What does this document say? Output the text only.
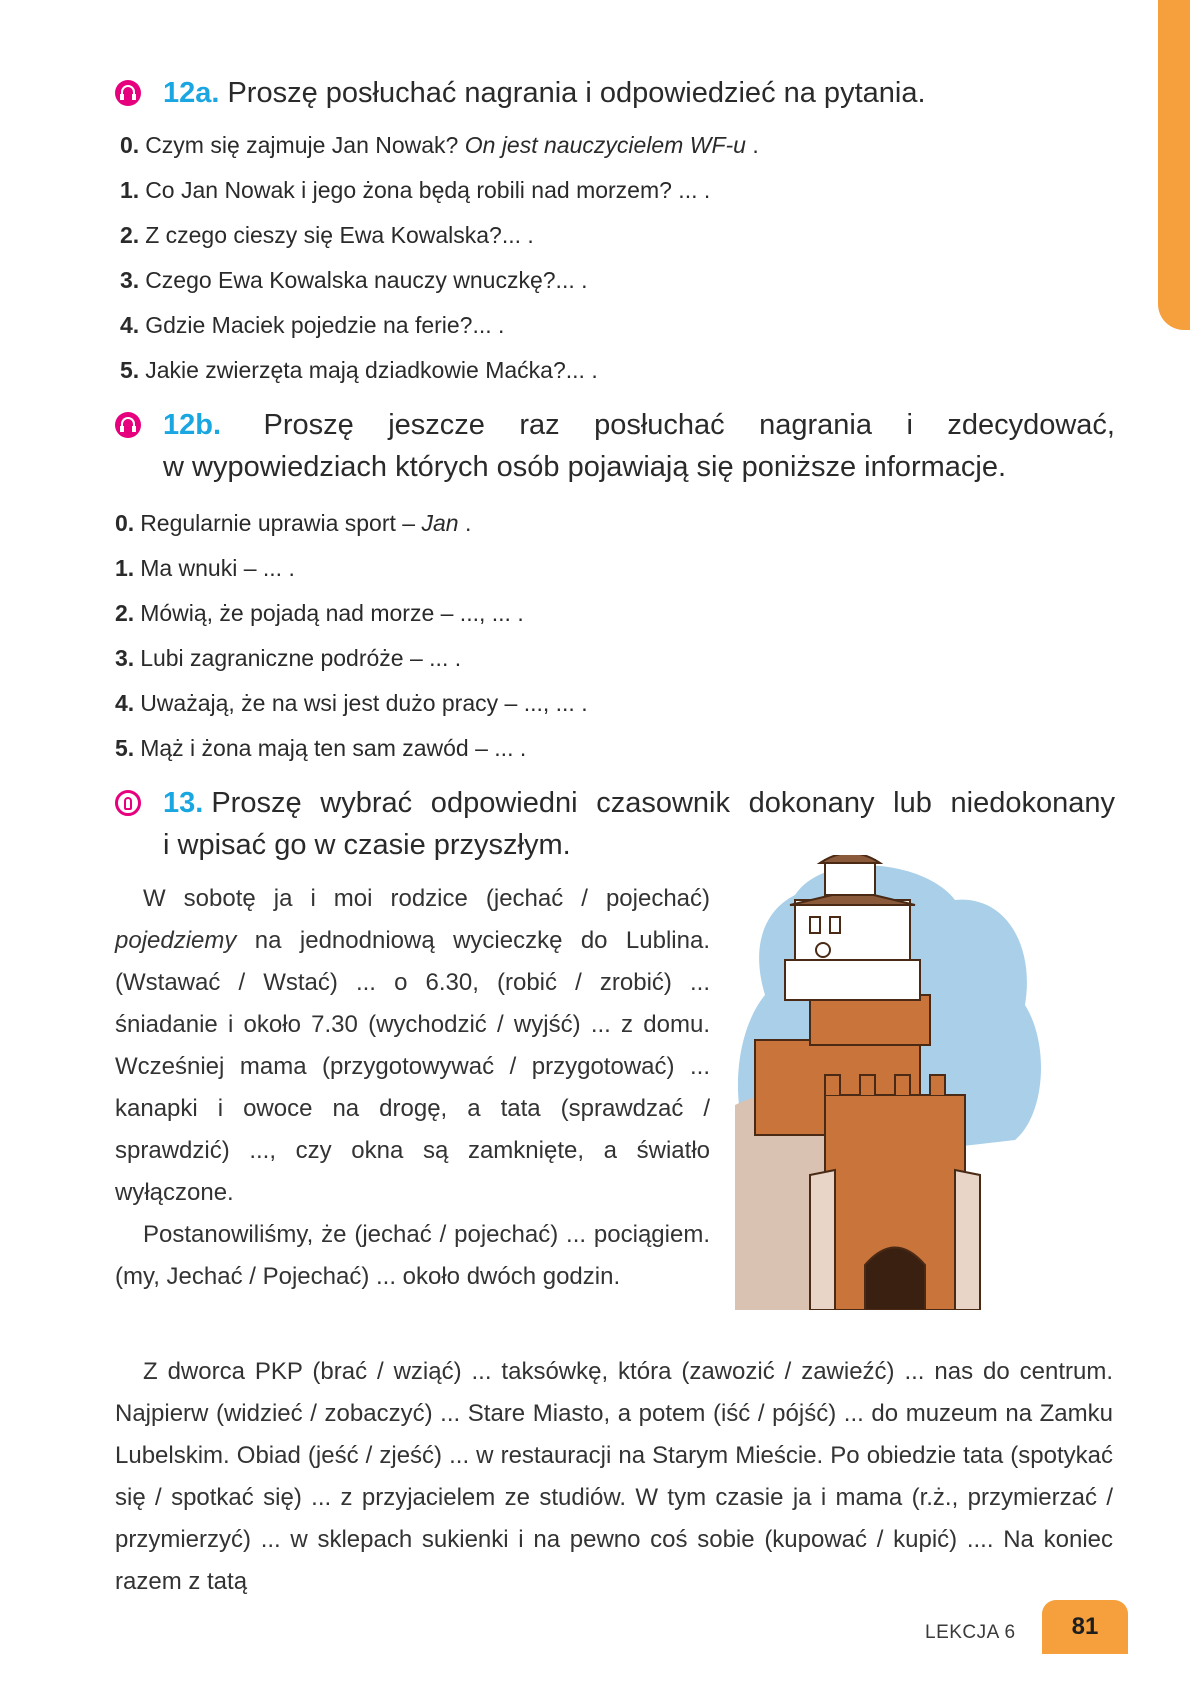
12a. Proszę posłuchać nagrania i odpowiedzieć na pytania.
0. Czym się zajmuje Jan Nowak? On jest nauczycielem WF-u .
1. Co Jan Nowak i jego żona będą robili nad morzem? ... .
2. Z czego cieszy się Ewa Kowalska?... .
3. Czego Ewa Kowalska nauczy wnuczkę?... .
4. Gdzie Maciek pojedzie na ferie?... .
5. Jakie zwierzęta mają dziadkowie Maćka?... .
12b. Proszę jeszcze raz posłuchać nagrania i zdecydować,
w wypowiedziach których osób pojawiają się poniższe informacje.
0. Regularnie uprawia sport – Jan .
1. Ma wnuki – ... .
2. Mówią, że pojadą nad morze – ..., ... .
3. Lubi zagraniczne podróże – ... .
4. Uważają, że na wsi jest dużo pracy – ..., ... .
5. Mąż i żona mają ten sam zawód – ... .
13. Proszę wybrać odpowiedni czasownik dokonany lub niedokonany
i wpisać go w czasie przyszłym.

W sobotę ja i moi rodzice (jechać / pojechać) pojedziemy na jednodniową wycieczkę do Lublina. (Wstawać / Wstać) ... o 6.30, (robić / zrobić) ... śniadanie i około 7.30 (wychodzić / wyjść) ... z domu. Wcześniej mama (przygotowywać / przygotować) ... kanapki i owoce na drogę, a tata (sprawdzać / sprawdzić) ..., czy okna są zamknięte, a światło wyłączone.

Postanowiliśmy, że (jechać / pojechać) ... pociągiem. (my, Jechać / Pojechać) ... około dwóch godzin.

Z dworca PKP (brać / wziąć) ... taksówkę, która (zawozić / zawieźć) ... nas do centrum. Najpierw (widzieć / zobaczyć) ... Stare Miasto, a potem (iść / pójść) ... do muzeum na Zamku Lubelskim. Obiad (jeść / zjeść) ... w restauracji na Starym Mieście. Po obiedzie tata (spotykać się / spotkać się) ... z przyjacielem ze studiów. W tym czasie ja i mama (r.ż., przymierzać / przymierzyć) ... w sklepach sukienki i na pewno coś sobie (kupować / kupić) .... Na koniec razem z tatą

LEKCJA 6	81
